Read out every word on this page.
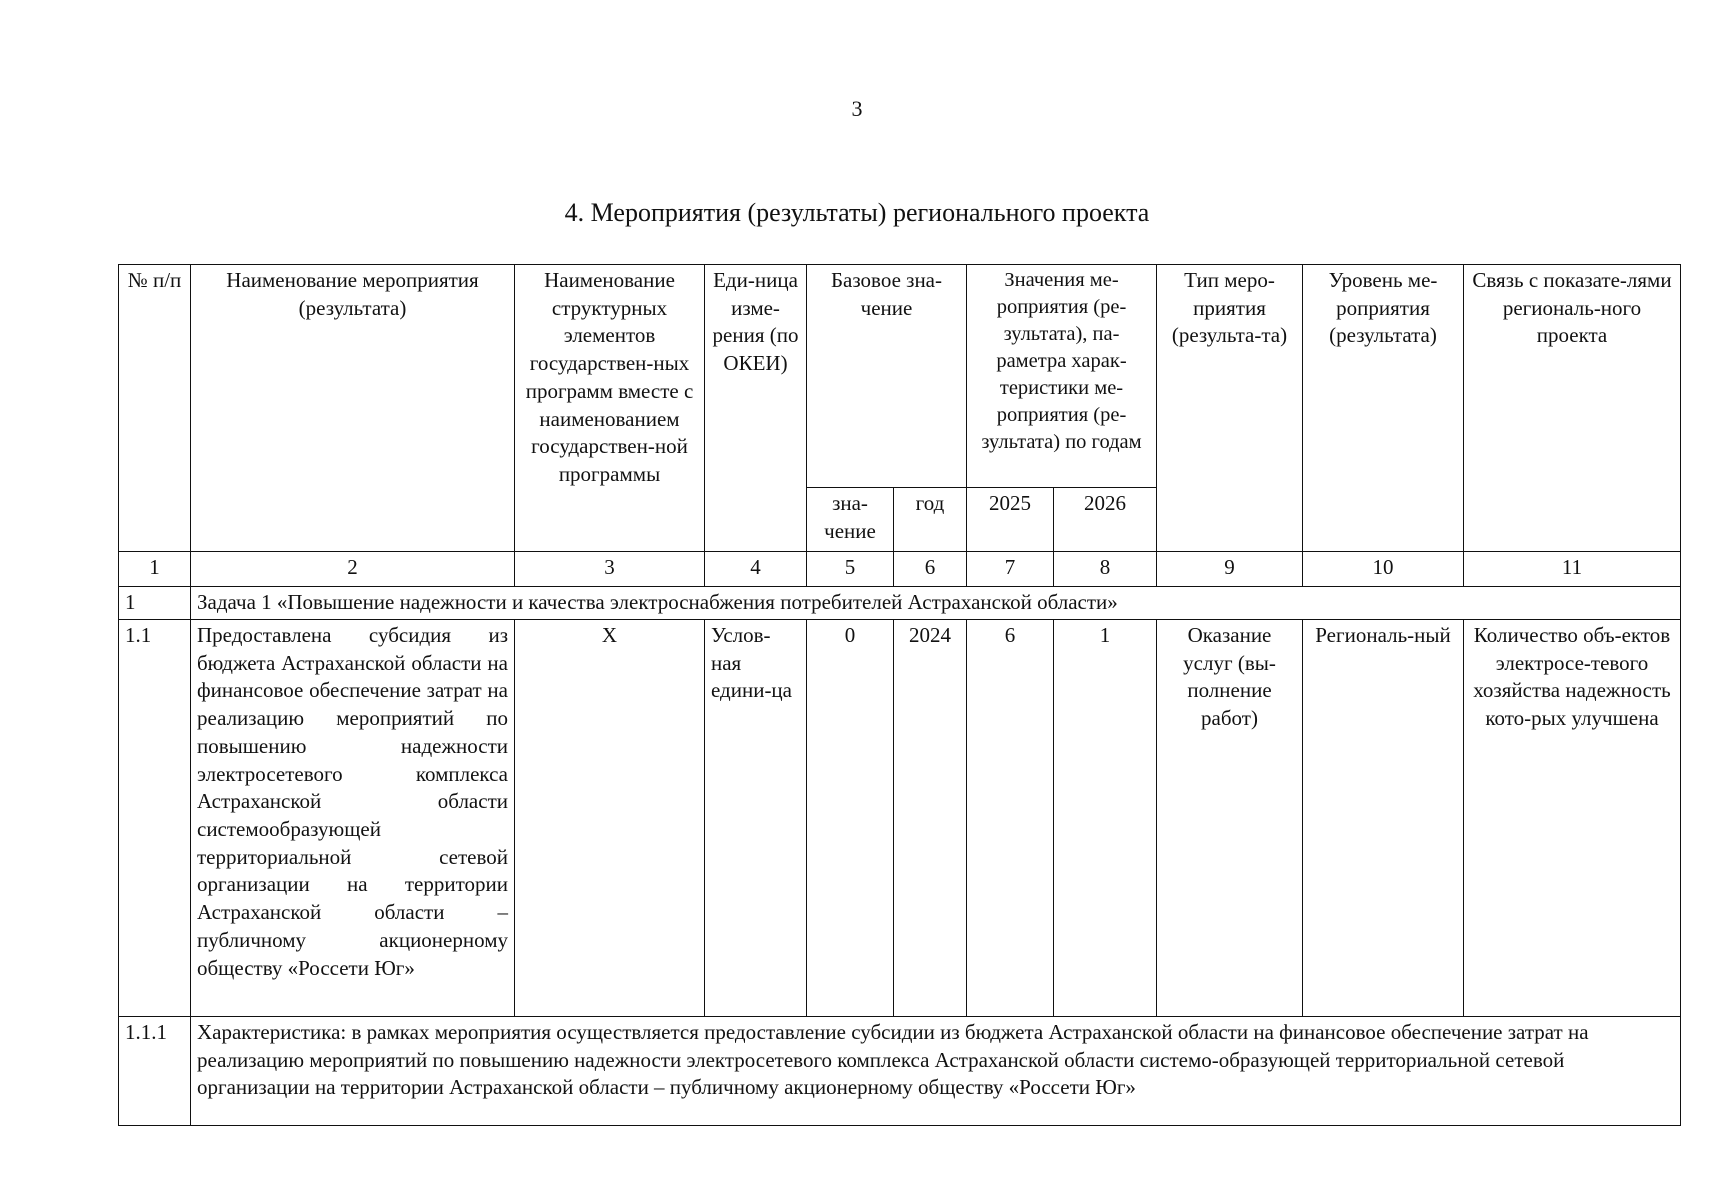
3
4. Мероприятия (результаты) регионального проекта
№ п/п	Наименование мероприятия (результата)	Наименование структурных элементов государствен-ных программ вместе с наименованием государствен-ной программы	Еди-ница изме-рения (по ОКЕИ)	Базовое зна-чение		Значения ме-роприятия (ре-зультата), па-раметра харак-теристики ме-роприятия (ре-зультата) по годам		Тип меро-приятия (результа-та)	Уровень ме-роприятия (результата)	Связь с показате-лями региональ-ного проекта
				зна-чение	год	2025	2026			
1	2	3	4	5	6	7	8	9	10	11
1	Задача 1 «Повышение надежности и качества электроснабжения потребителей Астраханской области»									
1.1	Предоставлена субсидия из бюджета Астраханской области на финансовое обеспечение затрат на реализацию мероприятий по повышению надежности электросетевого комплекса Астраханской области системообразующей территориальной сетевой организации на территории Астраханской области – публичному акционерному обществу «Россети Юг»	X	Услов-ная едини-ца	0	2024	6	1	Оказание услуг (вы-полнение работ)	Региональ-ный	Количество объ-ектов электросе-тевого хозяйства надежность кото-рых улучшена
1.1.1	Характеристика: в рамках мероприятия осуществляется предоставление субсидии из бюджета Астраханской области на финансовое обеспечение затрат на реализацию мероприятий по повышению надежности электросетевого комплекса Астраханской области системо-образующей территориальной сетевой организации на территории Астраханской области – публичному акционерному обществу «Россети Юг»									
